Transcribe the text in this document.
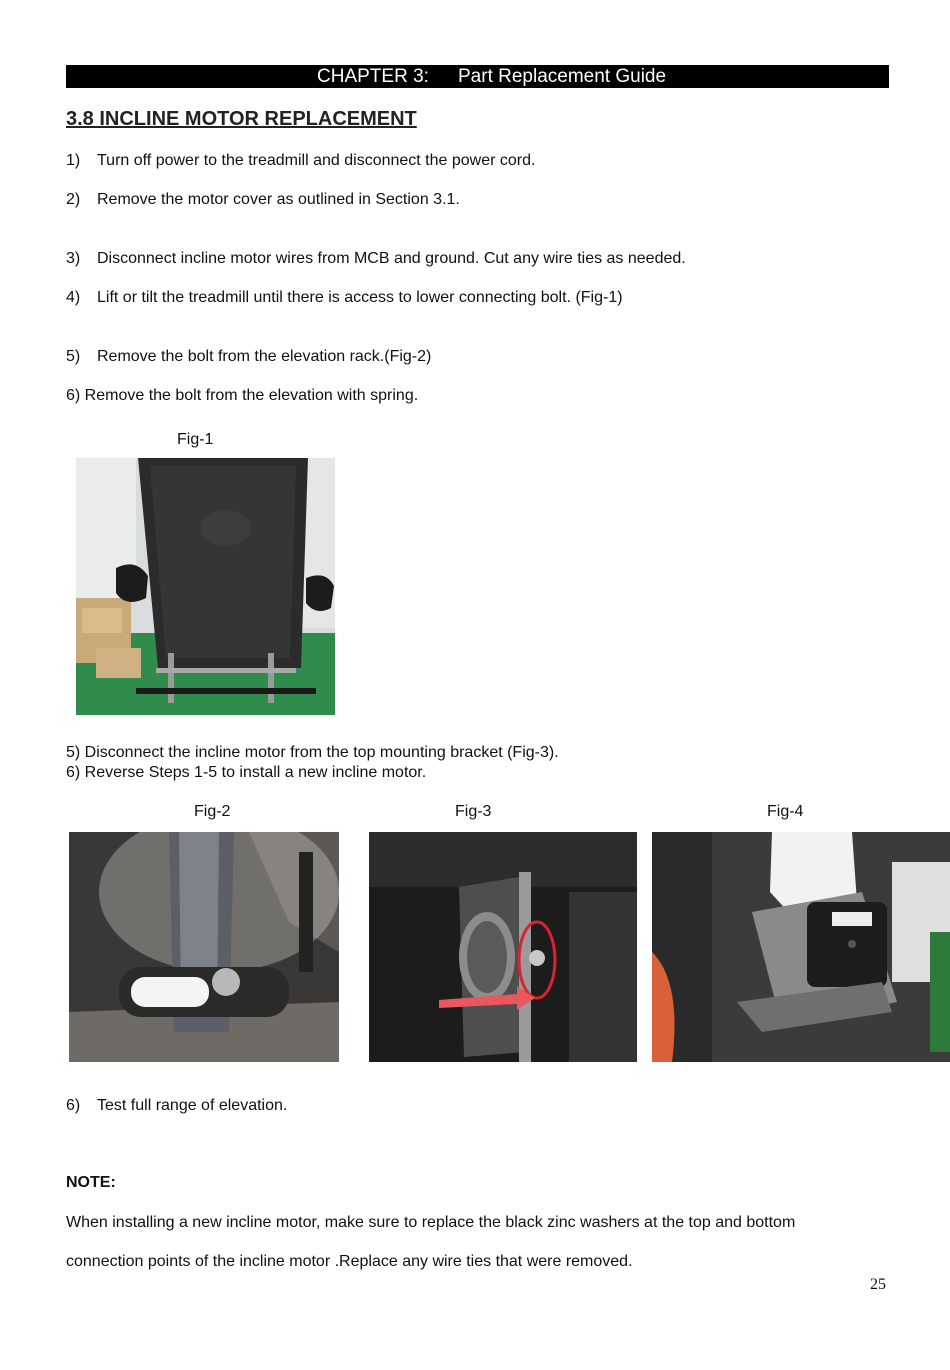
CHAPTER 3: Part Replacement Guide
3.8 INCLINE MOTOR REPLACEMENT
1) Turn off power to the treadmill and disconnect the power cord.
2) Remove the motor cover as outlined in Section 3.1.
3) Disconnect incline motor wires from MCB and ground. Cut any wire ties as needed.
4) Lift or tilt the treadmill until there is access to lower connecting bolt. (Fig-1)
5) Remove the bolt from the elevation rack.(Fig-2)
6) Remove the bolt from the elevation with spring.
Fig-1
5) Disconnect the incline motor from the top mounting bracket (Fig-3).
6) Reverse Steps 1-5 to install a new incline motor.
Fig-2	Fig-3	Fig-4
6) Test full range of elevation.
NOTE:
When installing a new incline motor, make sure to replace the black zinc washers at the top and bottom
connection points of the incline motor .Replace any wire ties that were removed.
25
